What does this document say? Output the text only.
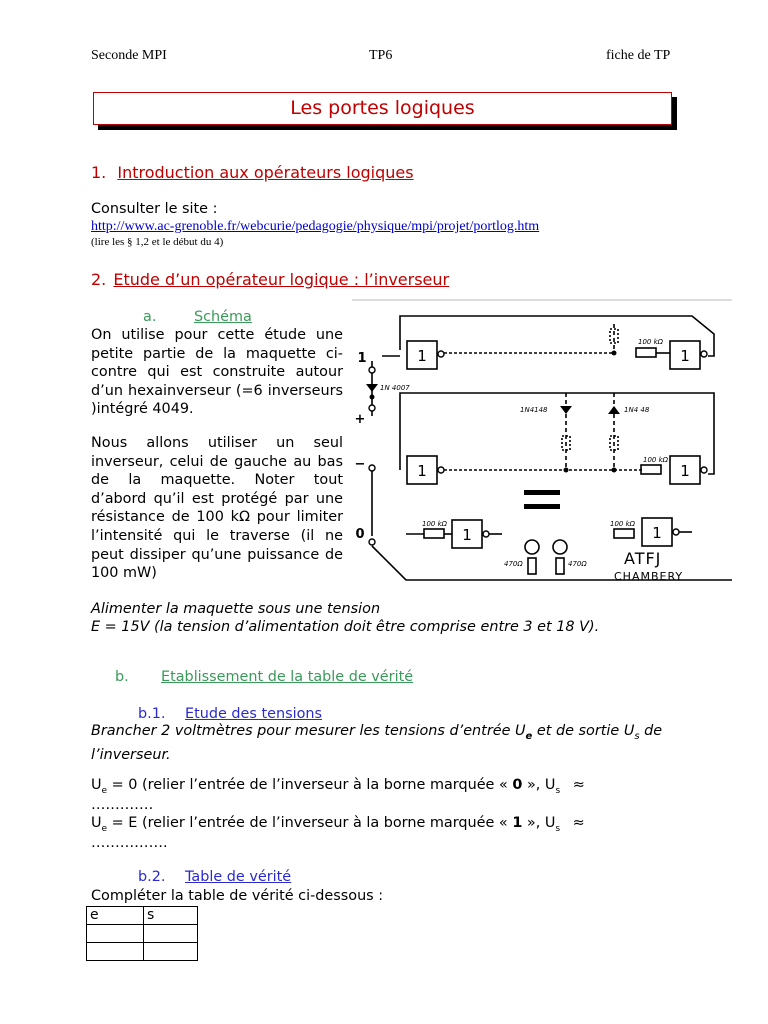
Seconde MPI	TP6	fiche de TP
Les portes logiques
1. Introduction aux opérateurs logiques
Consulter le site :
http://www.ac-grenoble.fr/webcurie/pedagogie/physique/mpi/projet/portlog.htm
(lire les § 1,2 et le début du 4)
2. Etude d’un opérateur logique : l’inverseur
a.	Schéma
On utilise pour cette étude une petite partie de la maquette ci-contre qui est construite autour d’un hexainverseur (=6 inverseurs )intégré 4049.
Nous allons utiliser un seul inverseur, celui de gauche au bas de la maquette. Noter tout d’abord qu’il est protégé par une résistance de 100 kΩ pour limiter l’intensité qui le traverse (il ne peut dissiper qu’une puissance de 100 mW)
1	1
1	1
1	1
1N 4007
1N4148	1N4 48
100 kΩ
100 kΩ
100 kΩ	100 kΩ
470Ω	470Ω
1
+
−
0
ATFJ
CHAMBERY
Alimenter la maquette sous une tension
E = 15V (la tension d’alimentation doit être comprise entre 3 et 18 V).
b. Etablissement de la table de vérité
b.1. Etude des tensions
Brancher 2 voltmètres pour mesurer les tensions d’entrée $U_e$ et de sortie $U_s$ de l’inverseur.
$U_e = 0$ (relier l’entrée de l’inverseur à la borne marquée « 0 », $U_s$ ≈
………….
$U_e = E$ (relier l’entrée de l’inverseur à la borne marquée « 1 », $U_s$ ≈
…………….
b.2. Table de vérité
Compléter la table de vérité ci-dessous :
e	s
